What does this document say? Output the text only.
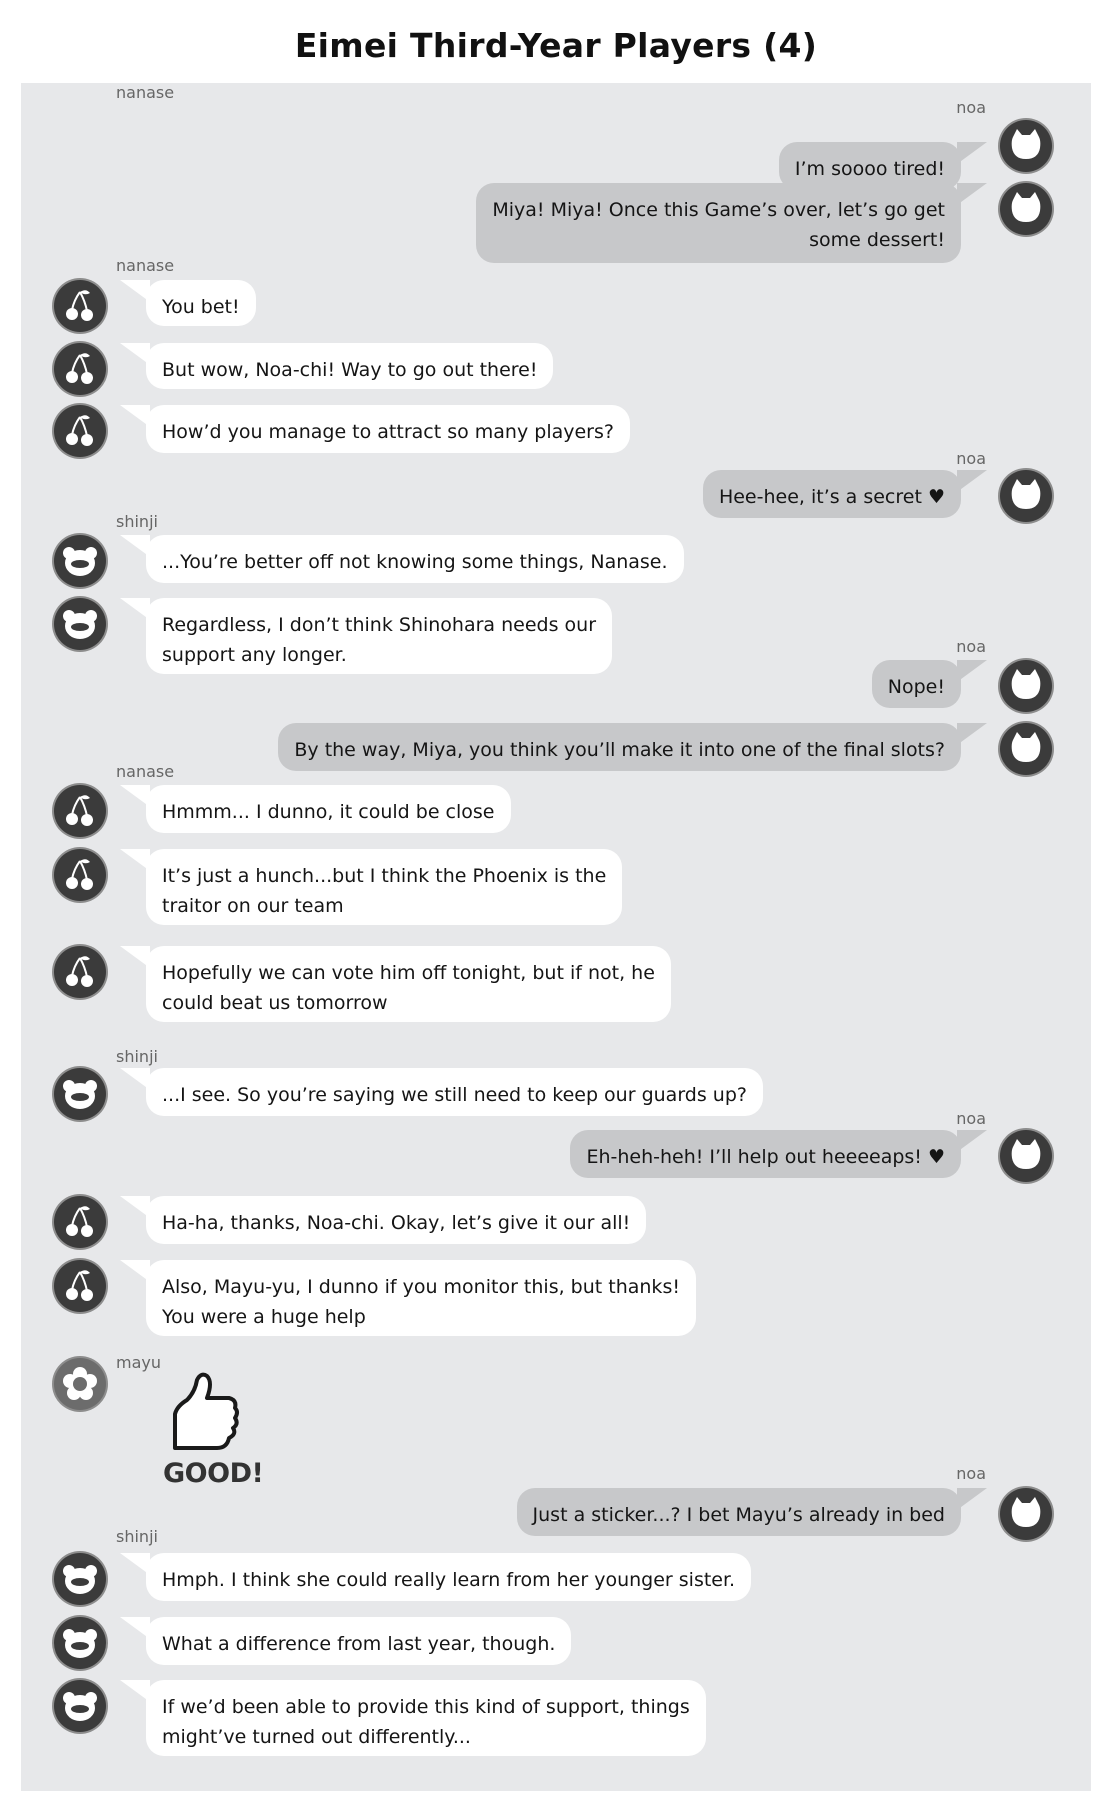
Eimei Third-Year Players (4)
noa
I’m soooo tired!
Miya! Miya! Once this Game’s over, let’s go get
some dessert!
nanase
You bet!
But wow, Noa-chi! Way to go out there!
How’d you manage to attract so many players?
noa
Hee-hee, it’s a secret ♥
shinji
...You’re better off not knowing some things, Nanase.
Regardless, I don’t think Shinohara needs our
support any longer.	noa
Nope!
By the way, Miya, you think you’ll make it into one of the final slots?
nanase
Hmmm... I dunno, it could be close
It’s just a hunch...but I think the Phoenix is the
traitor on our team
Hopefully we can vote him off tonight, but if not, he
could beat us tomorrow
shinji
...I see. So you’re saying we still need to keep our guards up?
noa
Eh-heh-heh! I’ll help out heeeeaps! ♥
nanase
Ha-ha, thanks, Noa-chi. Okay, let’s give it our all!
Also, Mayu-yu, I dunno if you monitor this, but thanks!
You were a huge help
mayu
GOOD!	noa
Just a sticker...? I bet Mayu’s already in bed
shinji
Hmph. I think she could really learn from her younger sister.
What a difference from last year, though.
If we’d been able to provide this kind of support, things
might’ve turned out differently...
